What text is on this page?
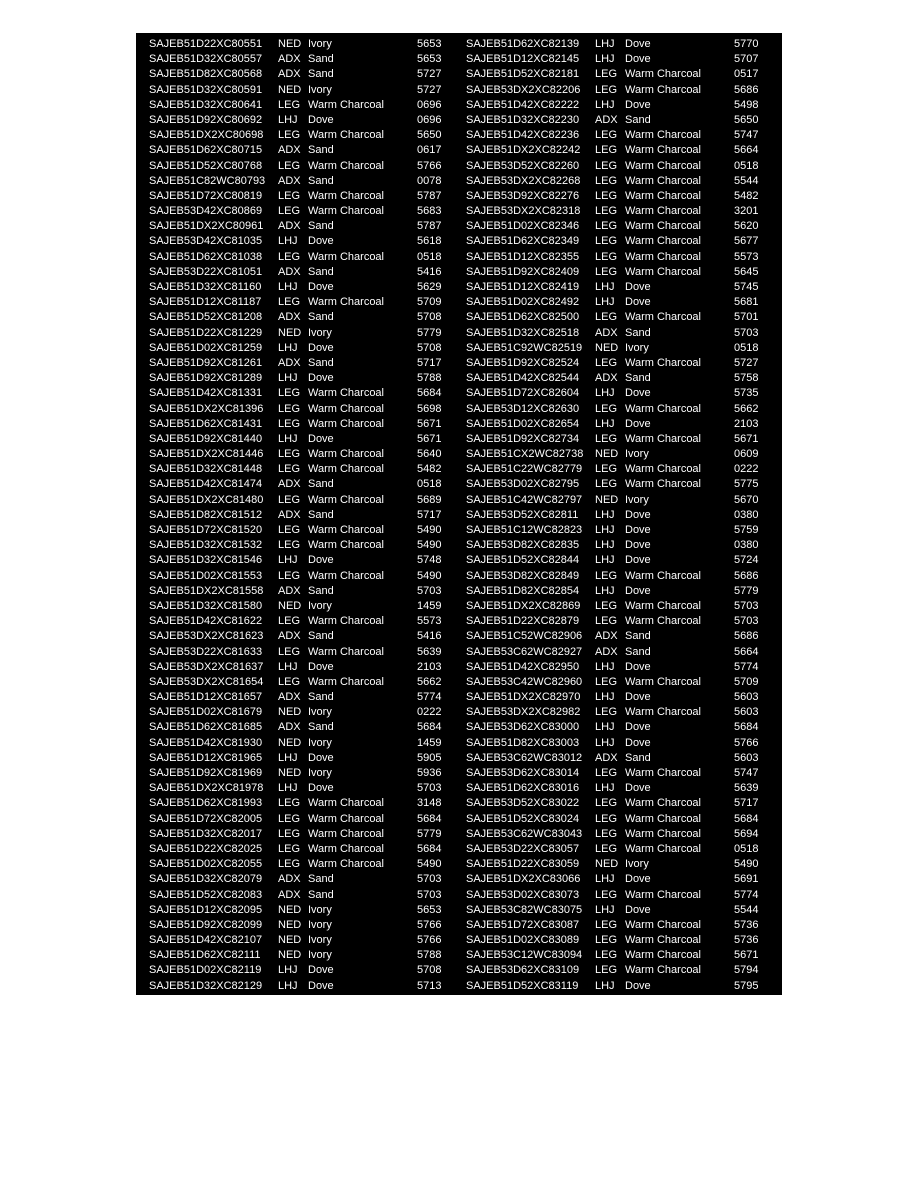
SAJEB51D22XC80551 NED Ivory	5653
SAJEB51D32XC80557 ADX Sand	5653
SAJEB51D82XC80568 ADX Sand	5727
SAJEB51D32XC80591 NED Ivory	5727
SAJEB51D32XC80641 LEG Warm Charcoal	0696
SAJEB51D92XC80692 LHJ Dove	0696
SAJEB51DX2XC80698 LEG Warm Charcoal	5650
SAJEB51D62XC80715 ADX Sand	0617
SAJEB51D52XC80768 LEG Warm Charcoal	5766
SAJEB51C82WC80793 ADX Sand	0078
SAJEB51D72XC80819 LEG Warm Charcoal	5787
SAJEB53D42XC80869 LEG Warm Charcoal	5683
SAJEB51DX2XC80961 ADX Sand	5787
SAJEB53D42XC81035 LHJ Dove	5618
SAJEB51D62XC81038 LEG Warm Charcoal	0518
SAJEB53D22XC81051 ADX Sand	5416
SAJEB51D32XC81160 LHJ Dove	5629
SAJEB51D12XC81187 LEG Warm Charcoal	5709
SAJEB51D52XC81208 ADX Sand	5708
SAJEB51D22XC81229 NED Ivory	5779
SAJEB51D02XC81259 LHJ Dove	5708
SAJEB51D92XC81261 ADX Sand	5717
SAJEB51D92XC81289 LHJ Dove	5788
SAJEB51D42XC81331 LEG Warm Charcoal	5684
SAJEB51DX2XC81396 LEG Warm Charcoal	5698
SAJEB51D62XC81431 LEG Warm Charcoal	5671
SAJEB51D92XC81440 LHJ Dove	5671
SAJEB51DX2XC81446 LEG Warm Charcoal	5640
SAJEB51D32XC81448 LEG Warm Charcoal	5482
SAJEB51D42XC81474 ADX Sand	0518
SAJEB51DX2XC81480 LEG Warm Charcoal	5689
SAJEB51D82XC81512 ADX Sand	5717
SAJEB51D72XC81520 LEG Warm Charcoal	5490
SAJEB51D32XC81532 LEG Warm Charcoal	5490
SAJEB51D32XC81546 LHJ Dove	5748
SAJEB51D02XC81553 LEG Warm Charcoal	5490
SAJEB51DX2XC81558 ADX Sand	5703
SAJEB51D32XC81580 NED Ivory	1459
SAJEB51D42XC81622 LEG Warm Charcoal	5573
SAJEB53DX2XC81623 ADX Sand	5416
SAJEB53D22XC81633 LEG Warm Charcoal	5639
SAJEB53DX2XC81637 LHJ Dove	2103
SAJEB53DX2XC81654 LEG Warm Charcoal	5662
SAJEB51D12XC81657 ADX Sand	5774
SAJEB51D02XC81679 NED Ivory	0222
SAJEB51D62XC81685 ADX Sand	5684
SAJEB51D42XC81930 NED Ivory	1459
SAJEB51D12XC81965 LHJ Dove	5905
SAJEB51D92XC81969 NED Ivory	5936
SAJEB51DX2XC81978 LHJ Dove	5703
SAJEB51D62XC81993 LEG Warm Charcoal	3148
SAJEB51D72XC82005 LEG Warm Charcoal	5684
SAJEB51D32XC82017 LEG Warm Charcoal	5779
SAJEB51D22XC82025 LEG Warm Charcoal	5684
SAJEB51D02XC82055 LEG Warm Charcoal	5490
SAJEB51D32XC82079 ADX Sand	5703
SAJEB51D52XC82083 ADX Sand	5703
SAJEB51D12XC82095 NED Ivory	5653
SAJEB51D92XC82099 NED Ivory	5766
SAJEB51D42XC82107 NED Ivory	5766
SAJEB51D62XC82111 NED Ivory	5788
SAJEB51D02XC82119 LHJ Dove	5708
SAJEB51D32XC82129 LHJ Dove	5713
SAJEB51D62XC82139 LHJ Dove	5770
SAJEB51D12XC82145 LHJ Dove	5707
SAJEB51D52XC82181 LEG Warm Charcoal	0517
SAJEB53DX2XC82206 LEG Warm Charcoal	5686
SAJEB51D42XC82222 LHJ Dove	5498
SAJEB51D32XC82230 ADX Sand	5650
SAJEB51D42XC82236 LEG Warm Charcoal	5747
SAJEB51DX2XC82242 LEG Warm Charcoal	5664
SAJEB53D52XC82260 LEG Warm Charcoal	0518
SAJEB53DX2XC82268 LEG Warm Charcoal	5544
SAJEB53D92XC82276 LEG Warm Charcoal	5482
SAJEB53DX2XC82318 LEG Warm Charcoal	3201
SAJEB51D02XC82346 LEG Warm Charcoal	5620
SAJEB51D62XC82349 LEG Warm Charcoal	5677
SAJEB51D12XC82355 LEG Warm Charcoal	5573
SAJEB51D92XC82409 LEG Warm Charcoal	5645
SAJEB51D12XC82419 LHJ Dove	5745
SAJEB51D02XC82492 LHJ Dove	5681
SAJEB51D62XC82500 LEG Warm Charcoal	5701
SAJEB51D32XC82518 ADX Sand	5703
SAJEB51C92WC82519 NED Ivory	0518
SAJEB51D92XC82524 LEG Warm Charcoal	5727
SAJEB51D42XC82544 ADX Sand	5758
SAJEB51D72XC82604 LHJ Dove	5735
SAJEB53D12XC82630 LEG Warm Charcoal	5662
SAJEB51D02XC82654 LHJ Dove	2103
SAJEB51D92XC82734 LEG Warm Charcoal	5671
SAJEB51CX2WC82738 NED Ivory	0609
SAJEB51C22WC82779 LEG Warm Charcoal	0222
SAJEB53D02XC82795 LEG Warm Charcoal	5775
SAJEB51C42WC82797 NED Ivory	5670
SAJEB53D52XC82811 LHJ Dove	0380
SAJEB51C12WC82823 LHJ Dove	5759
SAJEB53D82XC82835 LHJ Dove	0380
SAJEB51D52XC82844 LHJ Dove	5724
SAJEB53D82XC82849 LEG Warm Charcoal	5686
SAJEB51D82XC82854 LHJ Dove	5779
SAJEB51DX2XC82869 LEG Warm Charcoal	5703
SAJEB51D22XC82879 LEG Warm Charcoal	5703
SAJEB51C52WC82906 ADX Sand	5686
SAJEB53C62WC82927 ADX Sand	5664
SAJEB51D42XC82950 LHJ Dove	5774
SAJEB53C42WC82960 LEG Warm Charcoal	5709
SAJEB51DX2XC82970 LHJ Dove	5603
SAJEB53DX2XC82982 LEG Warm Charcoal	5603
SAJEB53D62XC83000 LHJ Dove	5684
SAJEB51D82XC83003 LHJ Dove	5766
SAJEB53C62WC83012 ADX Sand	5603
SAJEB53D62XC83014 LEG Warm Charcoal	5747
SAJEB51D62XC83016 LHJ Dove	5639
SAJEB53D52XC83022 LEG Warm Charcoal	5717
SAJEB51D52XC83024 LEG Warm Charcoal	5684
SAJEB53C62WC83043 LEG Warm Charcoal	5694
SAJEB53D22XC83057 LEG Warm Charcoal	0518
SAJEB51D22XC83059 NED Ivory	5490
SAJEB51DX2XC83066 LHJ Dove	5691
SAJEB53D02XC83073 LEG Warm Charcoal	5774
SAJEB53C82WC83075 LHJ Dove	5544
SAJEB51D72XC83087 LEG Warm Charcoal	5736
SAJEB51D02XC83089 LEG Warm Charcoal	5736
SAJEB53C12WC83094 LEG Warm Charcoal	5671
SAJEB53D62XC83109 LEG Warm Charcoal	5794
SAJEB51D52XC83119 LHJ Dove	5795
